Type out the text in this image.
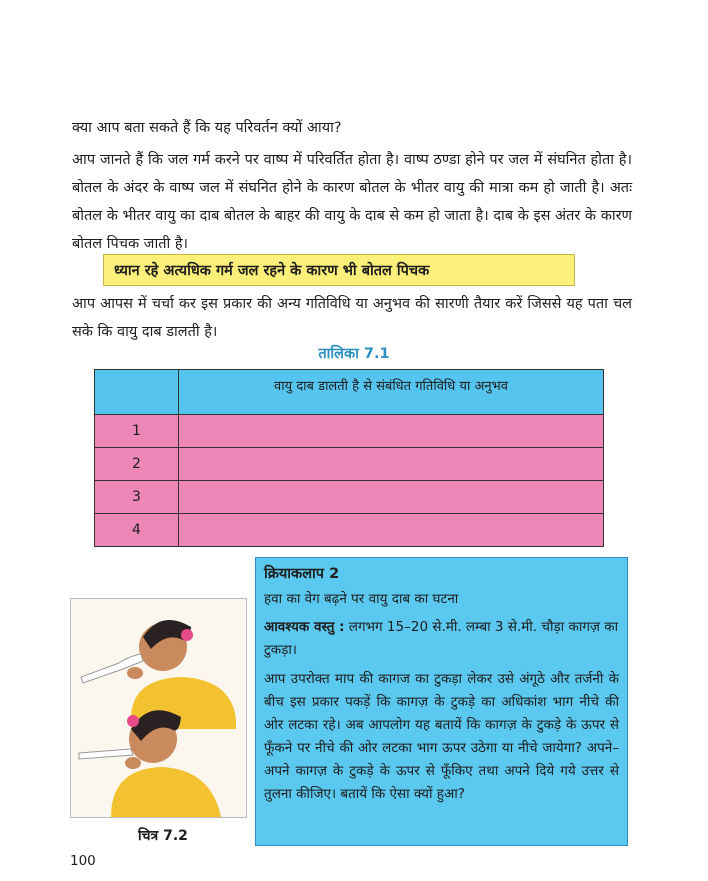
क्या आप बता सकते हैं कि यह परिवर्तन क्यों आया?

आप जानते हैं कि जल गर्म करने पर वाष्प में परिवर्तित होता है। वाष्प ठण्डा होने पर जल में संघनित होता है। बोतल के अंदर के वाष्प जल में संघनित होने के कारण बोतल के भीतर वायु की मात्रा कम हो जाती है। अतः बोतल के भीतर वायु का दाब बोतल के बाहर की वायु के दाब से कम हो जाता है। दाब के इस अंतर के कारण बोतल पिचक जाती है।

ध्यान रहे अत्यधिक गर्म जल रहने के कारण भी बोतल पिचक

आप आपस में चर्चा कर इस प्रकार की अन्य गतिविधि या अनुभव की सारणी तैयार करें जिससे यह पता चल सके कि वायु दाब डालती है।

तालिका 7.1
	वायु दाब डालती है से संबंधित गतिविधि या अनुभव
1	
2	
3	
4	
चित्र 7.2
क्रियाकलाप 2
हवा का वेग बढ़ने पर वायु दाब का घटना
आवश्यक वस्तु : लगभग 15–20 से.मी. लम्बा 3 से.मी. चौड़ा कागज़ का टुकड़ा।
आप उपरोक्त माप की कागज का टुकड़ा लेकर उसे अंगूठे और तर्जनी के बीच इस प्रकार पकड़ें कि कागज़ के टुकड़े का अधिकांश भाग नीचे की ओर लटका रहे। अब आपलोग यह बतायें कि कागज़ के टुकड़े के ऊपर से फूँकने पर नीचे की ओर लटका भाग ऊपर उठेगा या नीचे जायेगा? अपने–अपने कागज़ के टुकड़े के ऊपर से फूँकिए तथा अपने दिये गये उत्तर से तुलना कीजिए। बतायें कि ऐसा क्यों हुआ?
100
